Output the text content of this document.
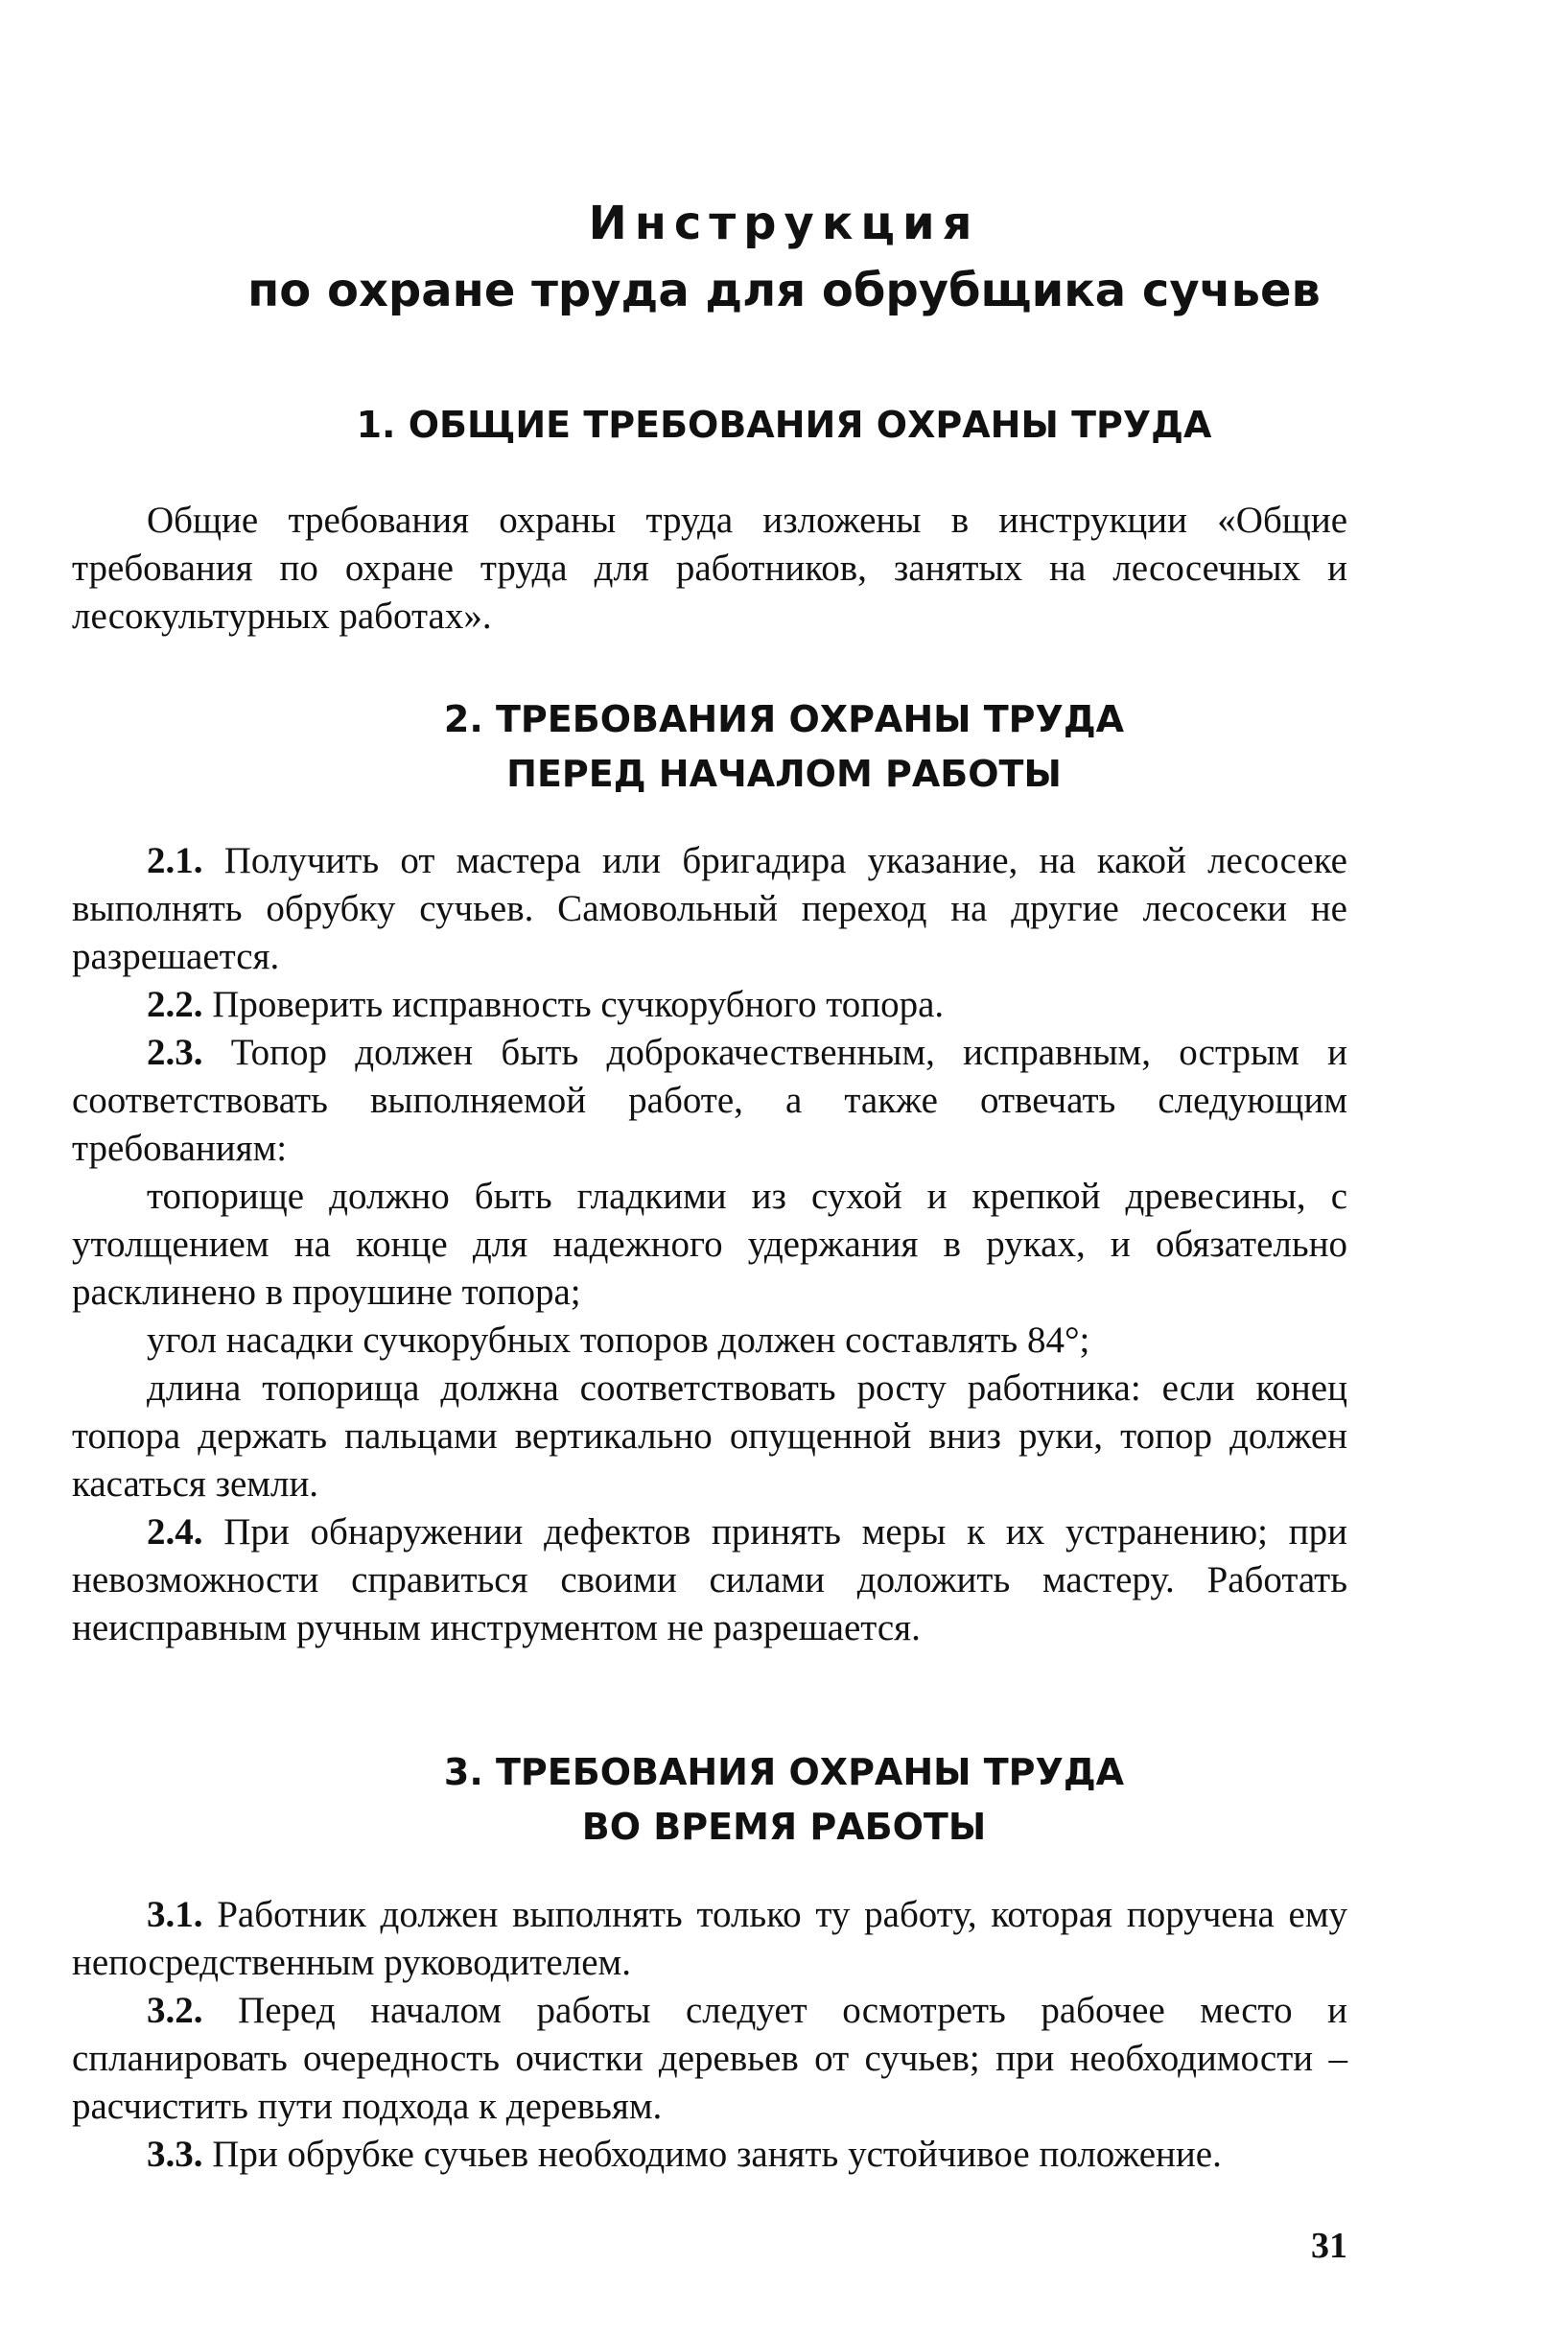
Инструкция
по охране труда для обрубщика сучьев
1. ОБЩИЕ ТРЕБОВАНИЯ ОХРАНЫ ТРУДА

Общие требования охраны труда изложены в инструкции «Общие требования по охране труда для работников, занятых на лесосечных и лесокультурных работах».

2. ТРЕБОВАНИЯ ОХРАНЫ ТРУДА
ПЕРЕД НАЧАЛОМ РАБОТЫ

2.1. Получить от мастера или бригадира указание, на какой лесосеке выполнять обрубку сучьев. Самовольный переход на другие лесосеки не разрешается.

2.2. Проверить исправность сучкорубного топора.

2.3. Топор должен быть доброкачественным, исправным, острым и соответствовать выполняемой работе, а также отвечать следующим требованиям:

топорище должно быть гладкими из сухой и крепкой древесины, с утолщением на конце для надежного удержания в руках, и обязательно расклинено в проушине топора;

угол насадки сучкорубных топоров должен составлять 84°;

длина топорища должна соответствовать росту работника: если конец топора держать пальцами вертикально опущенной вниз руки, топор должен касаться земли.

2.4. При обнаружении дефектов принять меры к их устранению; при невозможности справиться своими силами доложить мастеру. Работать неисправным ручным инструментом не разрешается.

3. ТРЕБОВАНИЯ ОХРАНЫ ТРУДА
ВО ВРЕМЯ РАБОТЫ

3.1. Работник должен выполнять только ту работу, которая поручена ему непосредственным руководителем.

3.2. Перед началом работы следует осмотреть рабочее место и спланировать очередность очистки деревьев от сучьев; при необходимости – расчистить пути подхода к деревьям.

3.3. При обрубке сучьев необходимо занять устойчивое положение.

31
